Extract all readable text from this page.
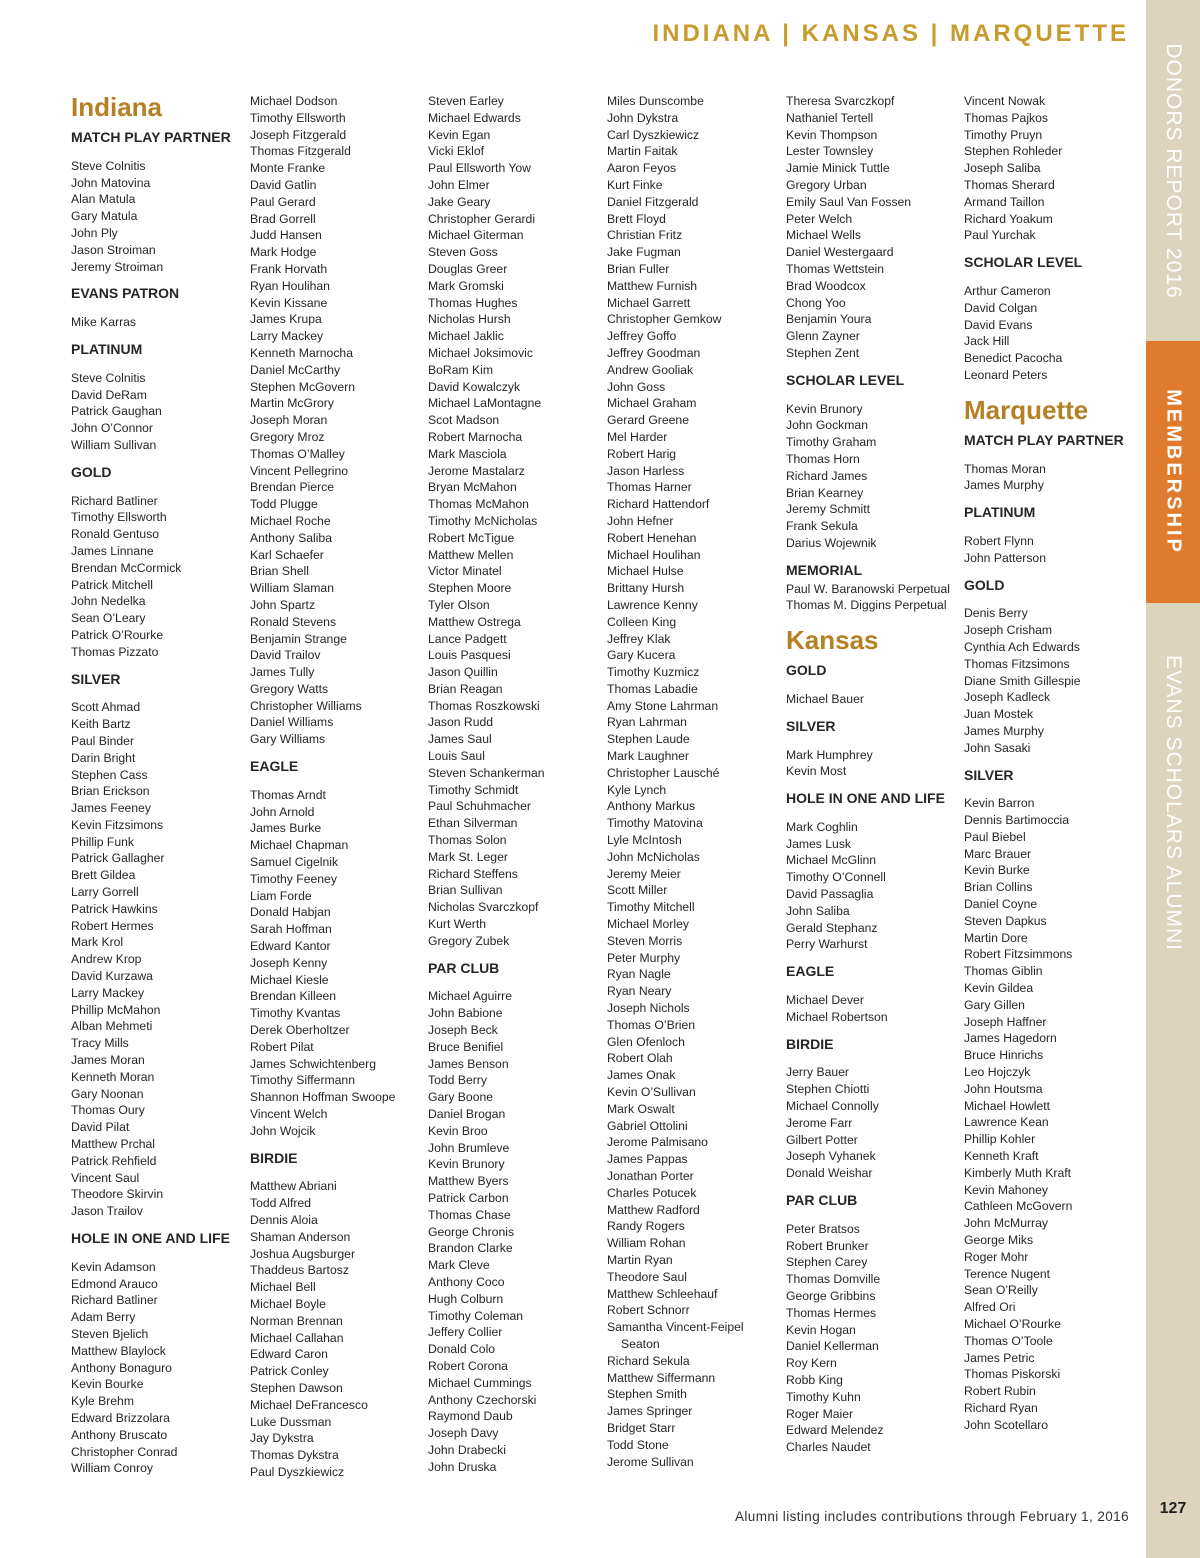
INDIANA | KANSAS | MARQUETTE
DONORS REPORT 2016
MEMBERSHIP
EVANS SCHOLARS ALUMNI
127
Alumni listing includes contributions through February 1, 2016
Indiana
MATCH PLAY PARTNER
Steve Colnitis
John Matovina
Alan Matula
Gary Matula
John Ply
Jason Stroiman
Jeremy Stroiman
EVANS PATRON
Mike Karras
PLATINUM
Steve Colnitis
David DeRam
Patrick Gaughan
John O’Connor
William Sullivan
GOLD
Richard Batliner
Timothy Ellsworth
Ronald Gentuso
James Linnane
Brendan McCormick
Patrick Mitchell
John Nedelka
Sean O’Leary
Patrick O’Rourke
Thomas Pizzato
SILVER
Scott Ahmad
Keith Bartz
Paul Binder
Darin Bright
Stephen Cass
Brian Erickson
James Feeney
Kevin Fitzsimons
Phillip Funk
Patrick Gallagher
Brett Gildea
Larry Gorrell
Patrick Hawkins
Robert Hermes
Mark Krol
Andrew Krop
David Kurzawa
Larry Mackey
Phillip McMahon
Alban Mehmeti
Tracy Mills
James Moran
Kenneth Moran
Gary Noonan
Thomas Oury
David Pilat
Matthew Prchal
Patrick Rehfield
Vincent Saul
Theodore Skirvin
Jason Trailov
HOLE IN ONE AND LIFE
Kevin Adamson
Edmond Arauco
Richard Batliner
Adam Berry
Steven Bjelich
Matthew Blaylock
Anthony Bonaguro
Kevin Bourke
Kyle Brehm
Edward Brizzolara
Anthony Bruscato
Christopher Conrad
William Conroy
Michael Dodson
Timothy Ellsworth
Joseph Fitzgerald
Thomas Fitzgerald
Monte Franke
David Gatlin
Paul Gerard
Brad Gorrell
Judd Hansen
Mark Hodge
Frank Horvath
Ryan Houlihan
Kevin Kissane
James Krupa
Larry Mackey
Kenneth Marnocha
Daniel McCarthy
Stephen McGovern
Martin McGrory
Joseph Moran
Gregory Mroz
Thomas O’Malley
Vincent Pellegrino
Brendan Pierce
Todd Plugge
Michael Roche
Anthony Saliba
Karl Schaefer
Brian Shell
William Slaman
John Spartz
Ronald Stevens
Benjamin Strange
David Trailov
James Tully
Gregory Watts
Christopher Williams
Daniel Williams
Gary Williams
EAGLE
Thomas Arndt
John Arnold
James Burke
Michael Chapman
Samuel Cigelnik
Timothy Feeney
Liam Forde
Donald Habjan
Sarah Hoffman
Edward Kantor
Joseph Kenny
Michael Kiesle
Brendan Killeen
Timothy Kvantas
Derek Oberholtzer
Robert Pilat
James Schwichtenberg
Timothy Siffermann
Shannon Hoffman Swoope
Vincent Welch
John Wojcik
BIRDIE
Matthew Abriani
Todd Alfred
Dennis Aloia
Shaman Anderson
Joshua Augsburger
Thaddeus Bartosz
Michael Bell
Michael Boyle
Norman Brennan
Michael Callahan
Edward Caron
Patrick Conley
Stephen Dawson
Michael DeFrancesco
Luke Dussman
Jay Dykstra
Thomas Dykstra
Paul Dyszkiewicz
Steven Earley
Michael Edwards
Kevin Egan
Vicki Eklof
Paul Ellsworth Yow
John Elmer
Jake Geary
Christopher Gerardi
Michael Giterman
Steven Goss
Douglas Greer
Mark Gromski
Thomas Hughes
Nicholas Hursh
Michael Jaklic
Michael Joksimovic
BoRam Kim
David Kowalczyk
Michael LaMontagne
Scot Madson
Robert Marnocha
Mark Masciola
Jerome Mastalarz
Bryan McMahon
Thomas McMahon
Timothy McNicholas
Robert McTigue
Matthew Mellen
Victor Minatel
Stephen Moore
Tyler Olson
Matthew Ostrega
Lance Padgett
Louis Pasquesi
Jason Quillin
Brian Reagan
Thomas Roszkowski
Jason Rudd
James Saul
Louis Saul
Steven Schankerman
Timothy Schmidt
Paul Schuhmacher
Ethan Silverman
Thomas Solon
Mark St. Leger
Richard Steffens
Brian Sullivan
Nicholas Svarczkopf
Kurt Werth
Gregory Zubek
PAR CLUB
Michael Aguirre
John Babione
Joseph Beck
Bruce Benifiel
James Benson
Todd Berry
Gary Boone
Daniel Brogan
Kevin Broo
John Brumleve
Kevin Brunory
Matthew Byers
Patrick Carbon
Thomas Chase
George Chronis
Brandon Clarke
Mark Cleve
Anthony Coco
Hugh Colburn
Timothy Coleman
Jeffery Collier
Donald Colo
Robert Corona
Michael Cummings
Anthony Czechorski
Raymond Daub
Joseph Davy
John Drabecki
John Druska
Miles Dunscombe
John Dykstra
Carl Dyszkiewicz
Martin Faitak
Aaron Feyos
Kurt Finke
Daniel Fitzgerald
Brett Floyd
Christian Fritz
Jake Fugman
Brian Fuller
Matthew Furnish
Michael Garrett
Christopher Gemkow
Jeffrey Goffo
Jeffrey Goodman
Andrew Gooliak
John Goss
Michael Graham
Gerard Greene
Mel Harder
Robert Harig
Jason Harless
Thomas Harner
Richard Hattendorf
John Hefner
Robert Henehan
Michael Houlihan
Michael Hulse
Brittany Hursh
Lawrence Kenny
Colleen King
Jeffrey Klak
Gary Kucera
Timothy Kuzmicz
Thomas Labadie
Amy Stone Lahrman
Ryan Lahrman
Stephen Laude
Mark Laughner
Christopher Lausché
Kyle Lynch
Anthony Markus
Timothy Matovina
Lyle McIntosh
John McNicholas
Jeremy Meier
Scott Miller
Timothy Mitchell
Michael Morley
Steven Morris
Peter Murphy
Ryan Nagle
Ryan Neary
Joseph Nichols
Thomas O’Brien
Glen Ofenloch
Robert Olah
James Onak
Kevin O’Sullivan
Mark Oswalt
Gabriel Ottolini
Jerome Palmisano
James Pappas
Jonathan Porter
Charles Potucek
Matthew Radford
Randy Rogers
William Rohan
Martin Ryan
Theodore Saul
Matthew Schleehauf
Robert Schnorr
Samantha Vincent-Feipel
Seaton
Richard Sekula
Matthew Siffermann
Stephen Smith
James Springer
Bridget Starr
Todd Stone
Jerome Sullivan
Theresa Svarczkopf
Nathaniel Tertell
Kevin Thompson
Lester Townsley
Jamie Minick Tuttle
Gregory Urban
Emily Saul Van Fossen
Peter Welch
Michael Wells
Daniel Westergaard
Thomas Wettstein
Brad Woodcox
Chong Yoo
Benjamin Youra
Glenn Zayner
Stephen Zent
SCHOLAR LEVEL
Kevin Brunory
John Gockman
Timothy Graham
Thomas Horn
Richard James
Brian Kearney
Jeremy Schmitt
Frank Sekula
Darius Wojewnik
MEMORIAL
Paul W. Baranowski Perpetual
Thomas M. Diggins Perpetual
Kansas
GOLD
Michael Bauer
SILVER
Mark Humphrey
Kevin Most
HOLE IN ONE AND LIFE
Mark Coghlin
James Lusk
Michael McGlinn
Timothy O’Connell
David Passaglia
John Saliba
Gerald Stephanz
Perry Warhurst
EAGLE
Michael Dever
Michael Robertson
BIRDIE
Jerry Bauer
Stephen Chiotti
Michael Connolly
Jerome Farr
Gilbert Potter
Joseph Vyhanek
Donald Weishar
PAR CLUB
Peter Bratsos
Robert Brunker
Stephen Carey
Thomas Domville
George Gribbins
Thomas Hermes
Kevin Hogan
Daniel Kellerman
Roy Kern
Robb King
Timothy Kuhn
Roger Maier
Edward Melendez
Charles Naudet
Vincent Nowak
Thomas Pajkos
Timothy Pruyn
Stephen Rohleder
Joseph Saliba
Thomas Sherard
Armand Taillon
Richard Yoakum
Paul Yurchak
SCHOLAR LEVEL
Arthur Cameron
David Colgan
David Evans
Jack Hill
Benedict Pacocha
Leonard Peters
Marquette
MATCH PLAY PARTNER
Thomas Moran
James Murphy
PLATINUM
Robert Flynn
John Patterson
GOLD
Denis Berry
Joseph Crisham
Cynthia Ach Edwards
Thomas Fitzsimons
Diane Smith Gillespie
Joseph Kadleck
Juan Mostek
James Murphy
John Sasaki
SILVER
Kevin Barron
Dennis Bartimoccia
Paul Biebel
Marc Brauer
Kevin Burke
Brian Collins
Daniel Coyne
Steven Dapkus
Martin Dore
Robert Fitzsimmons
Thomas Giblin
Kevin Gildea
Gary Gillen
Joseph Haffner
James Hagedorn
Bruce Hinrichs
Leo Hojczyk
John Houtsma
Michael Howlett
Lawrence Kean
Phillip Kohler
Kenneth Kraft
Kimberly Muth Kraft
Kevin Mahoney
Cathleen McGovern
John McMurray
George Miks
Roger Mohr
Terence Nugent
Sean O’Reilly
Alfred Ori
Michael O’Rourke
Thomas O’Toole
James Petric
Thomas Piskorski
Robert Rubin
Richard Ryan
John Scotellaro
